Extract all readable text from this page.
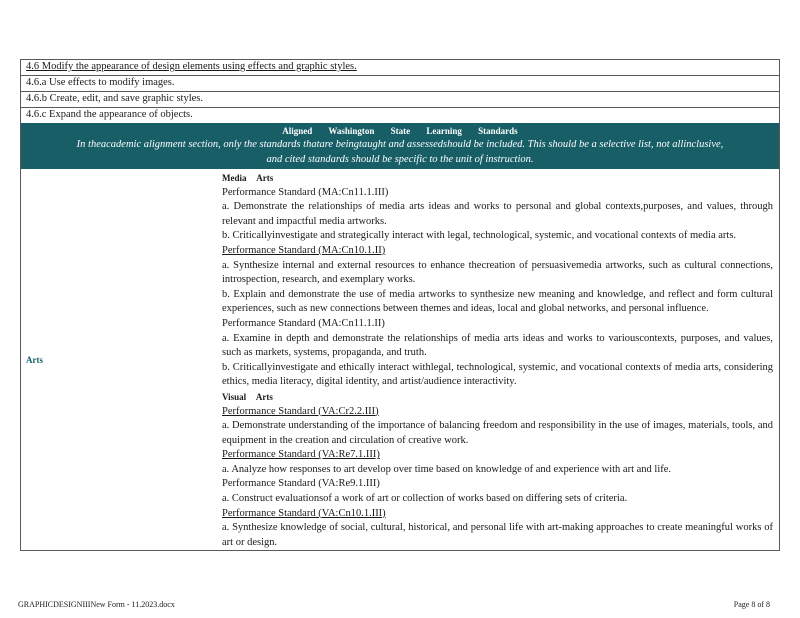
4.6 Modify the appearance of design elements using effects and graphic styles.
4.6.a Use effects to modify images.
4.6.b Create, edit, and save graphic styles.
4.6.c Expand the appearance of objects.
Aligned Washington State Learning Standards
In theacademic alignment section, only the standards thatare beingtaught and assessedshould be included. This should be a selective list, not allinclusive,
and cited standards should be specific to the unit of instruction.
Arts
Media Arts
Performance Standard (MA:Cn11.1.III)
a. Demonstrate the relationships of media arts ideas and works to personal and global contexts,purposes, and values, through relevant and impactful media artworks.
b. Criticallyinvestigate and strategically interact with legal, technological, systemic, and vocational contexts of media arts.
Performance Standard (MA:Cn10.1.II)
a. Synthesize internal and external resources to enhance thecreation of persuasivemedia artworks, such as cultural connections, introspection, research, and exemplary works.
b. Explain and demonstrate the use of media artworks to synthesize new meaning and knowledge, and reflect and form cultural experiences, such as new connections between themes and ideas, local and global networks, and personal influence.
Performance Standard (MA:Cn11.1.II)
a. Examine in depth and demonstrate the relationships of media arts ideas and works to variouscontexts, purposes, and values, such as markets, systems, propaganda, and truth.
b. Criticallyinvestigate and ethically interact withlegal, technological, systemic, and vocational contexts of media arts, considering ethics, media literacy, digital identity, and artist/audience interactivity.
Visual Arts
Performance Standard (VA:Cr2.2.III)
a. Demonstrate understanding of the importance of balancing freedom and responsibility in the use of images, materials, tools, and equipment in the creation and circulation of creative work.
Performance Standard (VA:Re7.1.III)
a. Analyze how responses to art develop over time based on knowledge of and experience with art and life.
Performance Standard (VA:Re9.1.III)
a. Construct evaluationsof a work of art or collection of works based on differing sets of criteria.
Performance Standard (VA:Cn10.1.III)
a. Synthesize knowledge of social, cultural, historical, and personal life with art-making approaches to create meaningful works of art or design.
GRAPHICDESIGNIIINew Form - 11.2023.docx	Page 8 of 8
